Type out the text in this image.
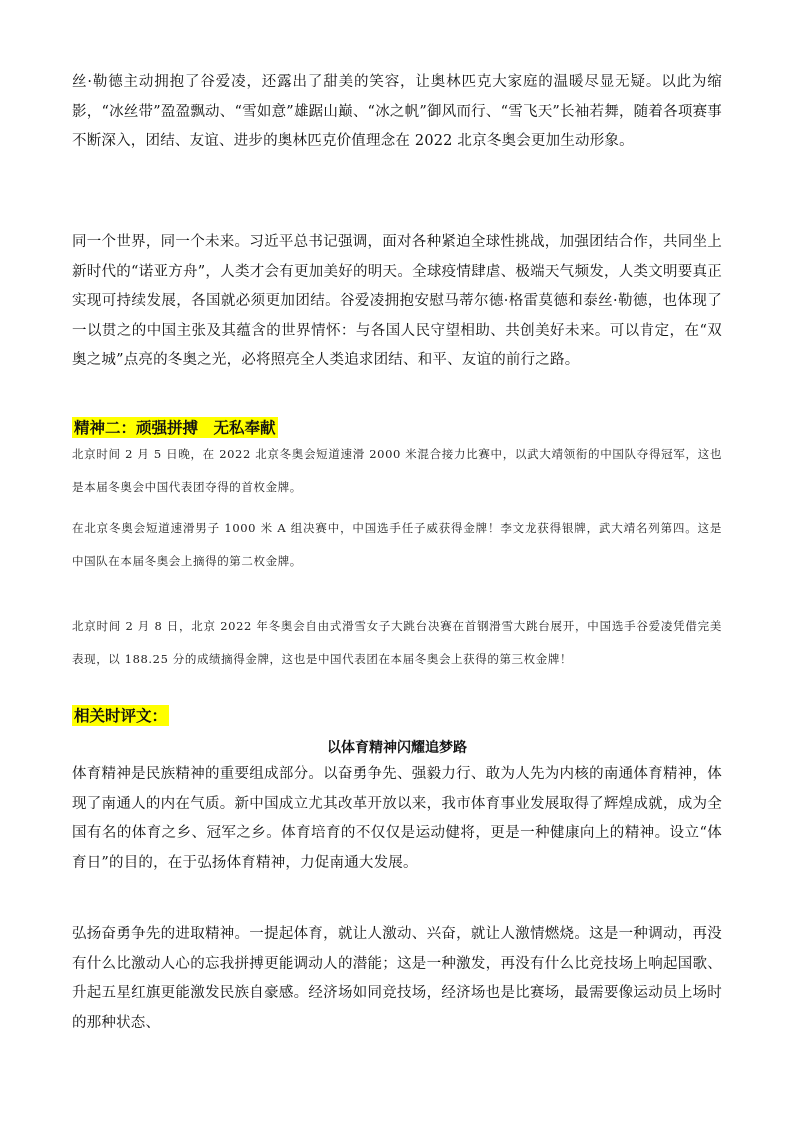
丝·勒德主动拥抱了谷爱凌，还露出了甜美的笑容，让奥林匹克大家庭的温暖尽显无疑。以此为缩影，“冰丝带”盈盈飘动、“雪如意”雄踞山巅、“冰之帆”御风而行、“雪飞天”长袖若舞，随着各项赛事不断深入，团结、友谊、进步的奥林匹克价值理念在 2022 北京冬奥会更加生动形象。

同一个世界，同一个未来。习近平总书记强调，面对各种紧迫全球性挑战，加强团结合作，共同坐上新时代的“诺亚方舟”，人类才会有更加美好的明天。全球疫情肆虐、极端天气频发，人类文明要真正实现可持续发展，各国就必须更加团结。谷爱凌拥抱安慰马蒂尔德·格雷莫德和泰丝·勒德，也体现了一以贯之的中国主张及其蕴含的世界情怀：与各国人民守望相助、共创美好未来。可以肯定，在“双奥之城”点亮的冬奥之光，必将照亮全人类追求团结、和平、友谊的前行之路。

精神二：顽强拼搏　无私奉献

北京时间 2 月 5 日晚，在 2022 北京冬奥会短道速滑 2000 米混合接力比赛中，以武大靖领衔的中国队夺得冠军，这也是本届冬奥会中国代表团夺得的首枚金牌。

在北京冬奥会短道速滑男子 1000 米 A 组决赛中，中国选手任子威获得金牌！李文龙获得银牌，武大靖名列第四。这是中国队在本届冬奥会上摘得的第二枚金牌。

北京时间 2 月 8 日，北京 2022 年冬奥会自由式滑雪女子大跳台决赛在首钢滑雪大跳台展开，中国选手谷爱凌凭借完美表现，以 188.25 分的成绩摘得金牌，这也是中国代表团在本届冬奥会上获得的第三枚金牌！

相关时评文：
以体育精神闪耀追梦路

体育精神是民族精神的重要组成部分。以奋勇争先、强毅力行、敢为人先为内核的南通体育精神，体现了南通人的内在气质。新中国成立尤其改革开放以来，我市体育事业发展取得了辉煌成就，成为全国有名的体育之乡、冠军之乡。体育培育的不仅仅是运动健将，更是一种健康向上的精神。设立“体育日”的目的，在于弘扬体育精神，力促南通大发展。

弘扬奋勇争先的进取精神。一提起体育，就让人激动、兴奋，就让人激情燃烧。这是一种调动，再没有什么比激动人心的忘我拼搏更能调动人的潜能；这是一种激发，再没有什么比竞技场上响起国歌、升起五星红旗更能激发民族自豪感。经济场如同竞技场，经济场也是比赛场，最需要像运动员上场时的那种状态、
